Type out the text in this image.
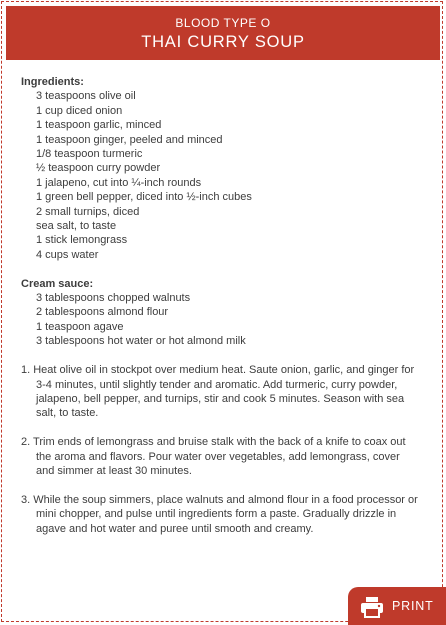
BLOOD TYPE O
THAI CURRY SOUP

Ingredients:

3 teaspoons olive oil
1 cup diced onion
1 teaspoon garlic, minced
1 teaspoon ginger, peeled and minced
1/8 teaspoon turmeric
½ teaspoon curry powder
1 jalapeno, cut into ¼-inch rounds
1 green bell pepper, diced into ½-inch cubes
2 small turnips, diced
sea salt, to taste
1 stick lemongrass
4 cups water

Cream sauce:

3 tablespoons chopped walnuts
2 tablespoons almond flour
1 teaspoon agave
3 tablespoons hot water or hot almond milk
1. Heat olive oil in stockpot over medium heat. Saute onion, garlic, and ginger for 3-4 minutes, until slightly tender and aromatic. Add turmeric, curry powder, jalapeno, bell pepper, and turnips, stir and cook 5 minutes. Season with sea salt, to taste.
2. Trim ends of lemongrass and bruise stalk with the back of a knife to coax out the aroma and flavors. Pour water over vegetables, add lemongrass, cover and simmer at least 30 minutes.
3. While the soup simmers, place walnuts and almond flour in a food processor or mini chopper, and pulse until ingredients form a paste. Gradually drizzle in agave and hot water and puree until smooth and creamy.
PRINT
